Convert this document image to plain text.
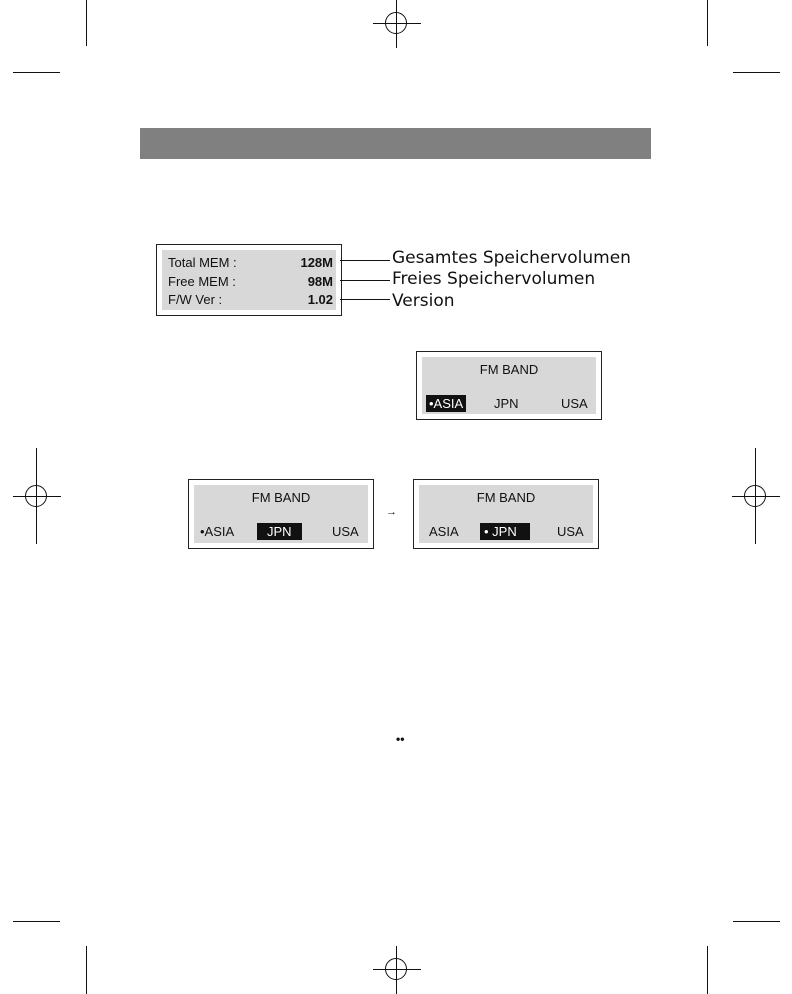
Total MEM :	128M
Free MEM :	98M
F/W Ver :	1.02
Gesamtes Speichervolumen
Freies Speichervolumen
Version
FM BAND
•ASIA JPN	USA
FM BAND
•ASIA	JPN	USA
→
FM BAND
ASIA	• JPN	USA
••
